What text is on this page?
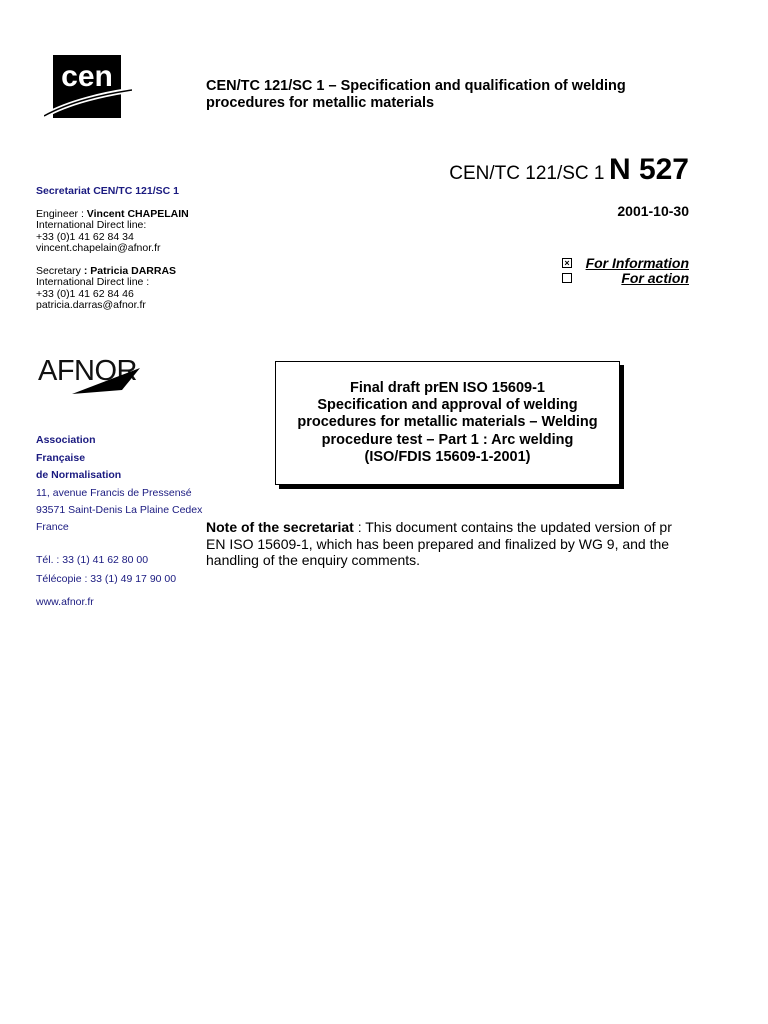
cen	CEN/TC 121/SC 1 – Specification and qualification of welding procedures for metallic materials
CEN/TC 121/SC 1 N 527
2001-10-30
× For Information
For action
Secretariat CEN/TC 121/SC 1
Engineer : Vincent CHAPELAIN
International Direct line:
+33 (0)1 41 62 84 34
vincent.chapelain@afnor.fr
Secretary : Patricia DARRAS
International Direct line :
+33 (0)1 41 62 84 46
patricia.darras@afnor.fr
AFNOR
Association
Française
de Normalisation
11, avenue Francis de Pressensé
93571 Saint-Denis La Plaine Cedex
France
Tél. : 33 (1) 41 62 80 00
Télécopie : 33 (1) 49 17 90 00
www.afnor.fr
Final draft prEN ISO 15609-1
Specification and approval of welding
procedures for metallic materials – Welding
procedure test – Part 1 : Arc welding
(ISO/FDIS 15609-1-2001)
Note of the secretariat : This document contains the updated version of pr EN ISO 15609-1, which has been prepared and finalized by WG 9, and the handling of the enquiry comments.
